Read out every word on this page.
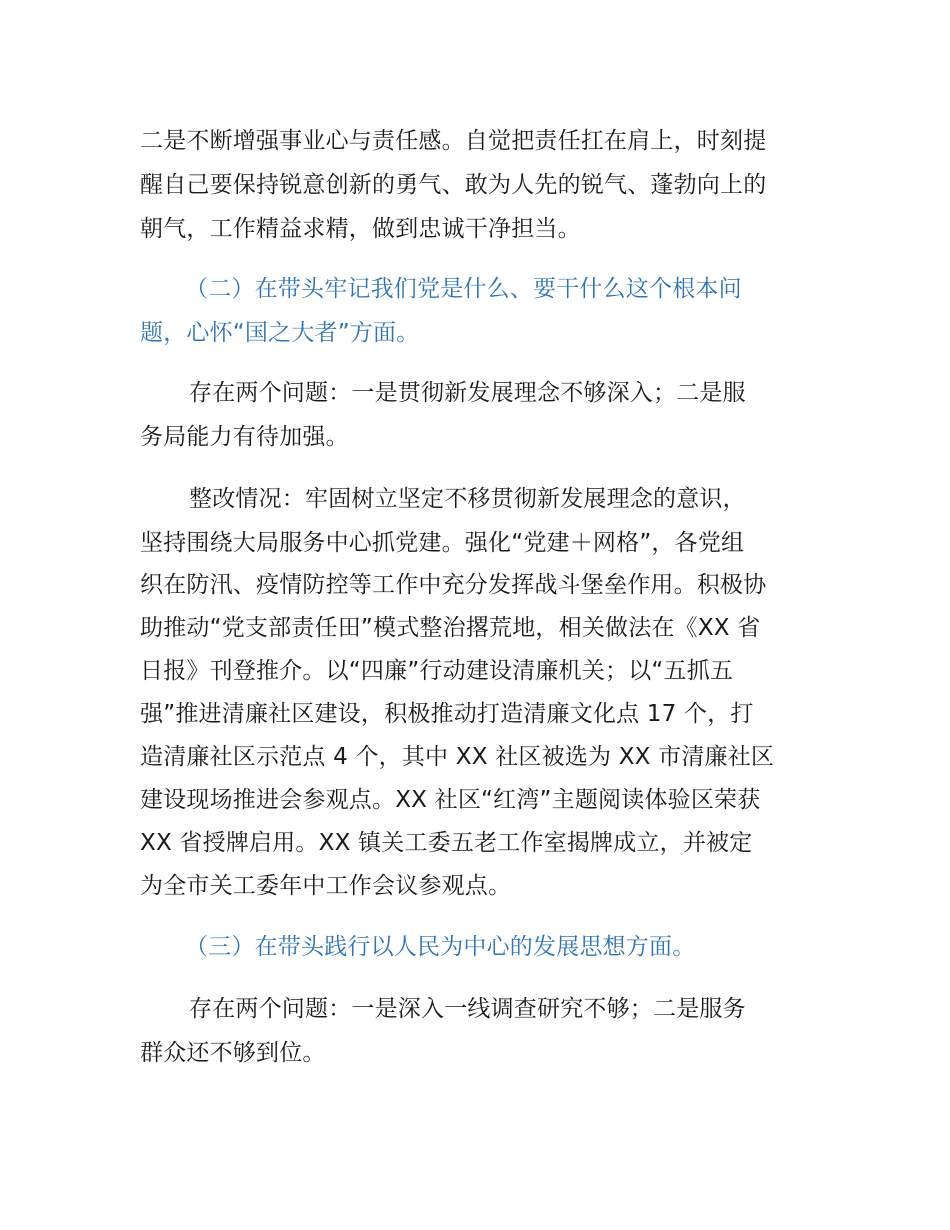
二是不断增强事业心与责任感。自觉把责任扛在肩上，时刻提
醒自己要保持锐意创新的勇气、敢为人先的锐气、蓬勃向上的
朝气，工作精益求精，做到忠诚干净担当。
（二）在带头牢记我们党是什么、要干什么这个根本问
题，心怀“国之大者”方面。
存在两个问题：一是贯彻新发展理念不够深入；二是服
务局能力有待加强。
整改情况：牢固树立坚定不移贯彻新发展理念的意识，
坚持围绕大局服务中心抓党建。强化“党建＋网格”，各党组
织在防汛、疫情防控等工作中充分发挥战斗堡垒作用。积极协
助推动“党支部责任田”模式整治撂荒地，相关做法在《XX 省
日报》刊登推介。以“四廉”行动建设清廉机关；以“五抓五
强”推进清廉社区建设，积极推动打造清廉文化点 17 个，打
造清廉社区示范点 4 个，其中 XX 社区被选为 XX 市清廉社区
建设现场推进会参观点。XX 社区“红湾”主题阅读体验区荣获
XX 省授牌启用。XX 镇关工委五老工作室揭牌成立，并被定
为全市关工委年中工作会议参观点。
（三）在带头践行以人民为中心的发展思想方面。
存在两个问题：一是深入一线调查研究不够；二是服务
群众还不够到位。
